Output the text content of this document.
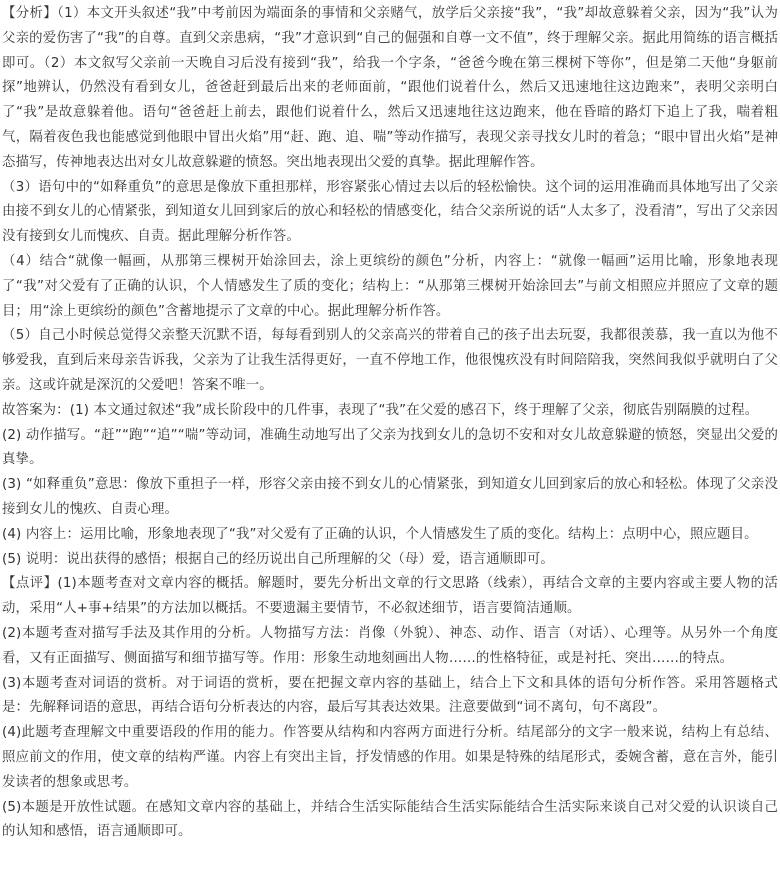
【分析】（1）本文开头叙述“我”中考前因为端面条的事情和父亲赌气，放学后父亲接“我”，“我”却故意躲着父亲，因为“我”认为父亲的爱伤害了“我”的自尊。直到父亲患病，“我”才意识到“自己的倔强和自尊一文不值”，终于理解父亲。据此用简练的语言概括即可。（2）本文叙写父亲前一天晚自习后没有接到“我”，给我一个字条，“爸爸今晚在第三棵树下等你”，但是第二天他“身躯前探”地辨认，仍然没有看到女儿，爸爸赶到最后出来的老师面前，“跟他们说着什么，然后又迅速地往这边跑来”，表明父亲明白了“我”是故意躲着他。语句“爸爸赶上前去，跟他们说着什么，然后又迅速地往这边跑来，他在昏暗的路灯下追上了我，喘着粗气，隔着夜色我也能感觉到他眼中冒出火焰”用“赶、跑、追、喘”等动作描写，表现父亲寻找女儿时的着急；“眼中冒出火焰”是神态描写，传神地表达出对女儿故意躲避的愤怒。突出地表现出父爱的真挚。据此理解作答。

（3）语句中的“如释重负”的意思是像放下重担那样，形容紧张心情过去以后的轻松愉快。这个词的运用准确而具体地写出了父亲由接不到女儿的心情紧张，到知道女儿回到家后的放心和轻松的情感变化，结合父亲所说的话“人太多了，没看清”，写出了父亲因没有接到女儿而愧疚、自责。据此理解分析作答。

（4）结合“就像一幅画，从那第三棵树开始涂回去，涂上更缤纷的颜色”分析，内容上：“就像一幅画”运用比喻，形象地表现了“我”对父爱有了正确的认识，个人情感发生了质的变化；结构上：“从那第三棵树开始涂回去”与前文相照应并照应了文章的题目；用“涂上更缤纷的颜色”含蓄地提示了文章的中心。据此理解分析作答。

（5）自己小时候总觉得父亲整天沉默不语，每每看到别人的父亲高兴的带着自己的孩子出去玩耍，我都很羡慕，我一直以为他不够爱我，直到后来母亲告诉我，父亲为了让我生活得更好，一直不停地工作，他很愧疚没有时间陪陪我，突然间我似乎就明白了父亲。这或许就是深沉的父爱吧！答案不唯一。

故答案为：(1) 本文通过叙述“我”成长阶段中的几件事，表现了“我”在父爱的感召下，终于理解了父亲，彻底告别隔膜的过程。

(2) 动作描写。“赶”“跑”“追”“喘”等动词，准确生动地写出了父亲为找到女儿的急切不安和对女儿故意躲避的愤怒，突显出父爱的真挚。

(3) “如释重负”意思：像放下重担子一样，形容父亲由接不到女儿的心情紧张，到知道女儿回到家后的放心和轻松。体现了父亲没接到女儿的愧疚、自责心理。

(4) 内容上：运用比喻，形象地表现了“我”对父爱有了正确的认识，个人情感发生了质的变化。结构上：点明中心，照应题目。

(5) 说明：说出获得的感悟；根据自己的经历说出自己所理解的父（母）爱，语言通顺即可。

【点评】(1)本题考查对文章内容的概括。解题时，要先分析出文章的行文思路（线索），再结合文章的主要内容或主要人物的活动，采用“人+事+结果”的方法加以概括。不要遗漏主要情节，不必叙述细节，语言要简洁通顺。

(2)本题考查对描写手法及其作用的分析。人物描写方法：肖像（外貌）、神态、动作、语言（对话）、心理等。从另外一个角度看，又有正面描写、侧面描写和细节描写等。作用：形象生动地刻画出人物……的性格特征，或是衬托、突出……的特点。

(3)本题考查对词语的赏析。对于词语的赏析，要在把握文章内容的基础上，结合上下文和具体的语句分析作答。采用答题格式是：先解释词语的意思，再结合语句分析表达的内容，最后写其表达效果。注意要做到“词不离句，句不离段”。

(4)此题考查理解文中重要语段的作用的能力。作答要从结构和内容两方面进行分析。结尾部分的文字一般来说，结构上有总结、照应前文的作用，使文章的结构严谨。内容上有突出主旨，抒发情感的作用。如果是特殊的结尾形式，委婉含蓄，意在言外，能引发读者的想象或思考。

(5)本题是开放性试题。在感知文章内容的基础上，并结合生活实际能结合生活实际能结合生活实际来谈自己对父爱的认识谈自己的认知和感悟，语言通顺即可。
